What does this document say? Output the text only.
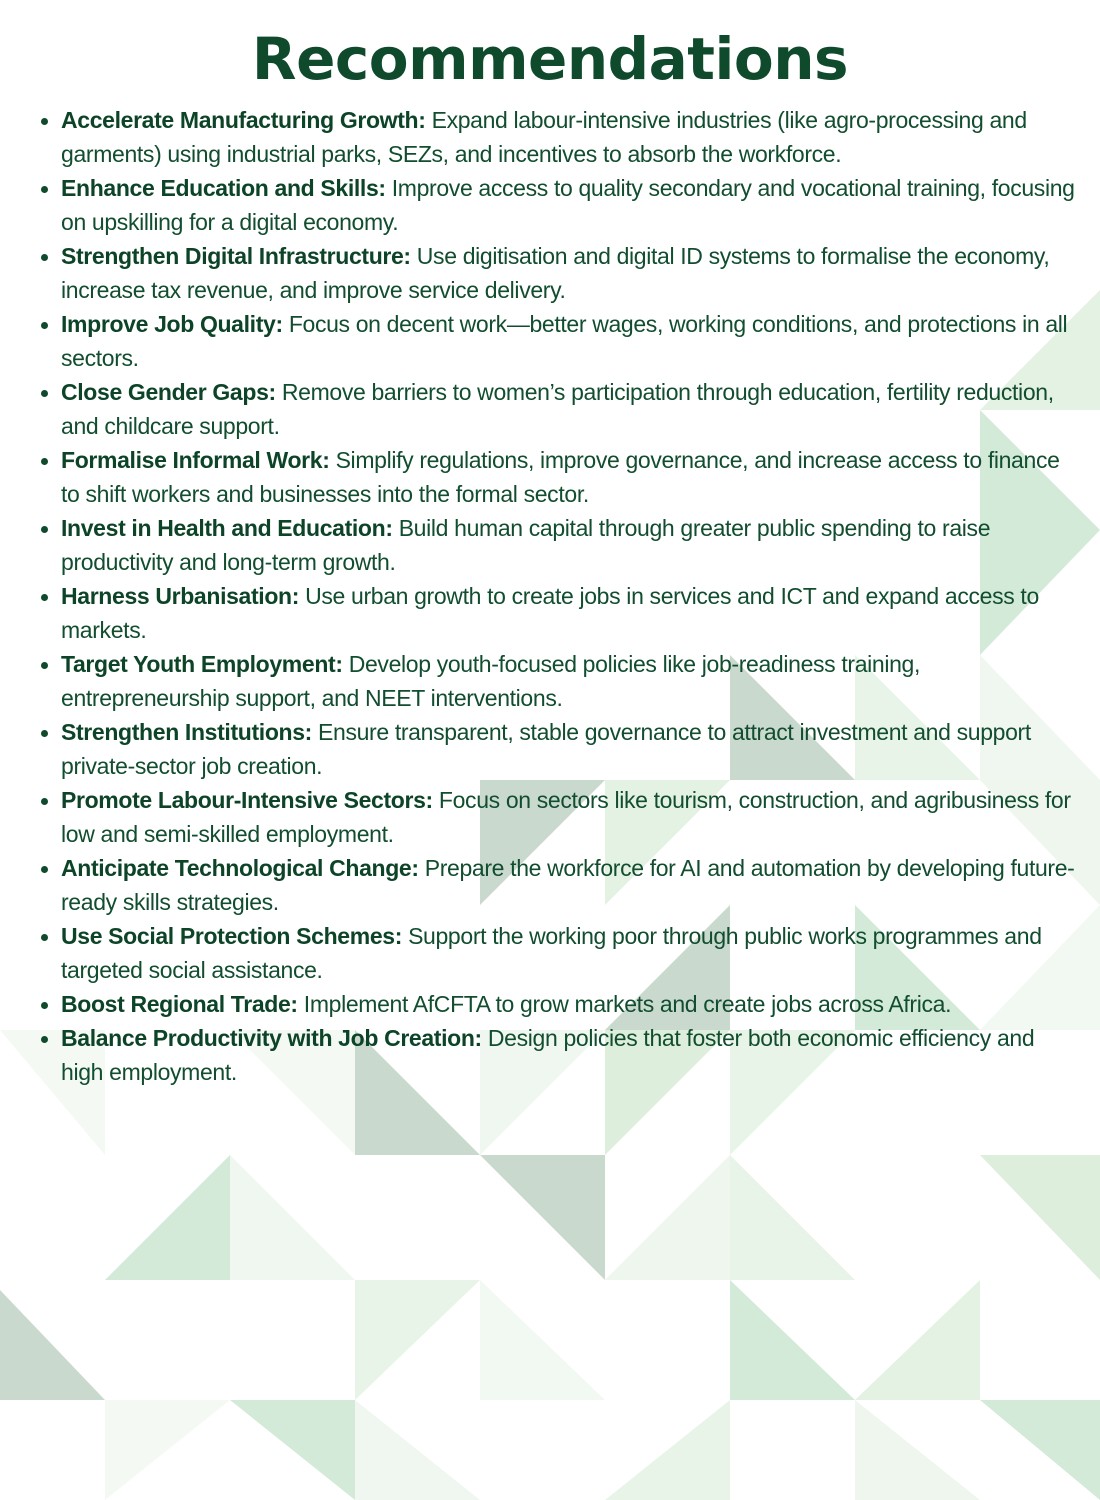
Recommendations
• Accelerate Manufacturing Growth: Expand labour-intensive industries (like agro-processing and garments) using industrial parks, SEZs, and incentives to absorb the workforce.
• Enhance Education and Skills: Improve access to quality secondary and vocational training, focusing on upskilling for a digital economy.
• Strengthen Digital Infrastructure: Use digitisation and digital ID systems to formalise the economy, increase tax revenue, and improve service delivery.
• Improve Job Quality: Focus on decent work—better wages, working conditions, and protections in all sectors.
• Close Gender Gaps: Remove barriers to women’s participation through education, fertility reduction, and childcare support.
• Formalise Informal Work: Simplify regulations, improve governance, and increase access to finance to shift workers and businesses into the formal sector.
• Invest in Health and Education: Build human capital through greater public spending to raise productivity and long-term growth.
• Harness Urbanisation: Use urban growth to create jobs in services and ICT and expand access to markets.
• Target Youth Employment: Develop youth-focused policies like job-readiness training, entrepreneurship support, and NEET interventions.
• Strengthen Institutions: Ensure transparent, stable governance to attract investment and support private-sector job creation.
• Promote Labour-Intensive Sectors: Focus on sectors like tourism, construction, and agribusiness for low and semi-skilled employment.
• Anticipate Technological Change: Prepare the workforce for AI and automation by developing future-ready skills strategies.
• Use Social Protection Schemes: Support the working poor through public works programmes and targeted social assistance.
• Boost Regional Trade: Implement AfCFTA to grow markets and create jobs across Africa.
• Balance Productivity with Job Creation: Design policies that foster both economic efficiency and high employment.
